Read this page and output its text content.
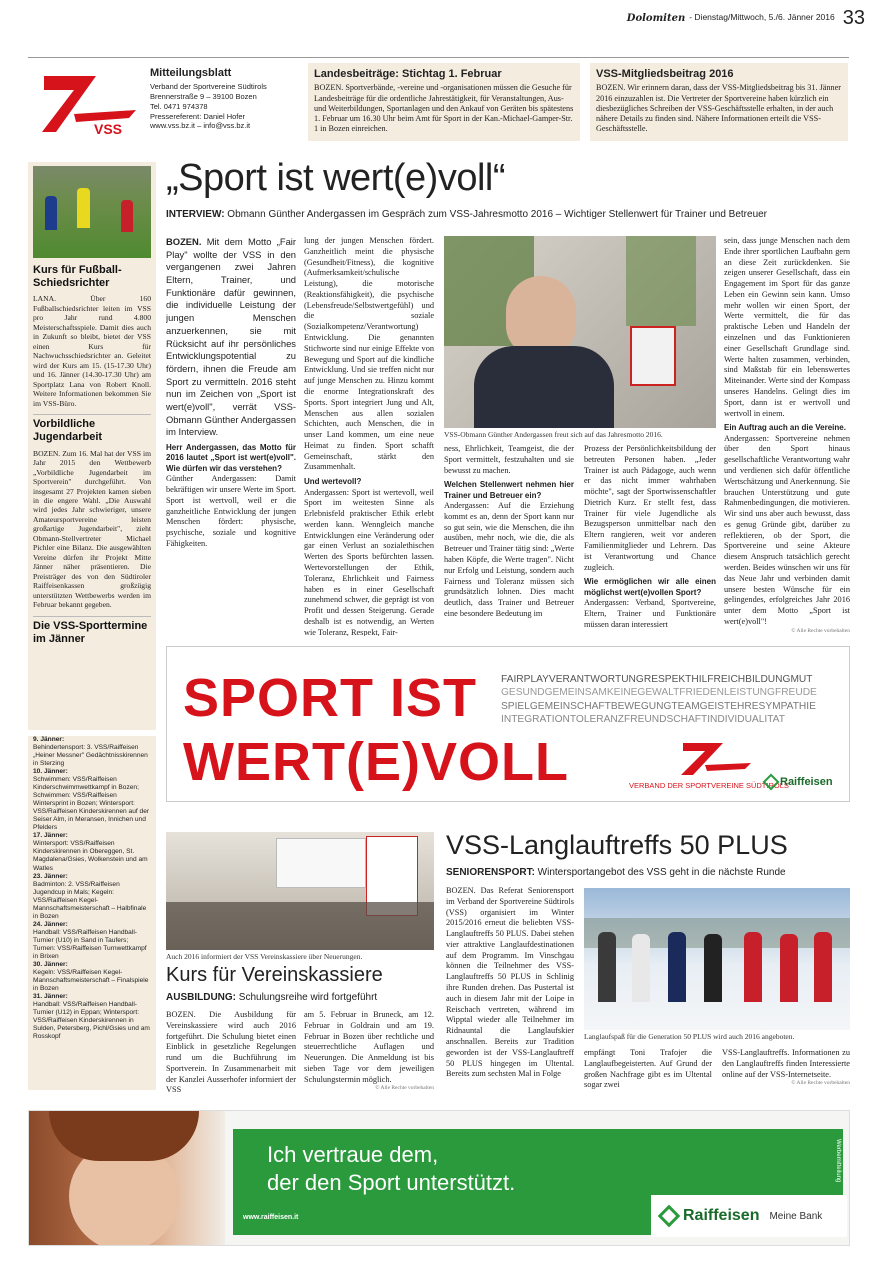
Dolomiten - Dienstag/Mittwoch, 5./6. Jänner 2016 33
VSS
Mitteilungsblatt
Verband der Sportvereine Südtirols
Brennerstraße 9 – 39100 Bozen
Tel. 0471 974378
Pressereferent: Daniel Hofer
www.vss.bz.it – info@vss.bz.it
Landesbeiträge: Stichtag 1. Februar

BOZEN. Sportverbände, -vereine und -organisationen müssen die Gesuche für Landesbeiträge für die ordentliche Jahrestätigkeit, für Veranstaltungen, Aus- und Weiterbildungen, Sportanlagen und den Ankauf von Geräten bis spätestens 1. Februar um 16.30 Uhr beim Amt für Sport in der Kan.-Michael-Gamper-Str. 1 in Bozen einreichen.

VSS-Mitgliedsbeitrag 2016

BOZEN. Wir erinnern daran, dass der VSS-Mitgliedsbeitrag bis 31. Jänner 2016 einzuzahlen ist. Die Vertreter der Sportvereine haben kürzlich ein diesbezügliches Schreiben der VSS-Geschäftsstelle erhalten, in der auch nähere Details zu finden sind. Nähere Informationen erteilt die VSS-Geschäftsstelle.

Kurs für Fußball-Schiedsrichter

LANA. Über 160 Fußballschiedsrichter leiten im VSS pro Jahr rund 4.800 Meisterschaftsspiele. Damit dies auch in Zukunft so bleibt, bietet der VSS einen Kurs für Nachwuchsschiedsrichter an. Geleitet wird der Kurs am 15. (15-17.30 Uhr) und 16. Jänner (14.30-17.30 Uhr) am Sportplatz Lana von Robert Knoll. Weitere Informationen bekommen Sie im VSS-Büro.

Vorbildliche Jugendarbeit

BOZEN. Zum 16. Mal hat der VSS im Jahr 2015 den Wettbewerb „Vorbildliche Jugendarbeit im Sportverein" durchgeführt. Von insgesamt 27 Projekten kamen sieben in die engere Wahl. „Die Auswahl wird jedes Jahr schwieriger, unsere Amateursportvereine leisten großartige Jugendarbeit", zieht Obmann-Stellvertreter Michael Pichler eine Bilanz. Die ausgewählten Vereine dürfen ihr Projekt Mitte Jänner näher präsentieren. Die Preisträger des von den Südtiroler Raiffeisenkassen großzügig unterstützten Wettbewerbs werden im Februar bekannt gegeben.

Die VSS-Sporttermine im Jänner
9. Jänner:
Behindertensport: 3. VSS/Raiffeisen „Heiner Messner" Gedächtnisskirennen in Sterzing
10. Jänner:
Schwimmen: VSS/Raiffeisen Kinderschwimmwettkampf in Bozen; Schwimmen: VSS/Raiffeisen Wintersprint in Bozen; Wintersport: VSS/Raiffeisen Kinderskirennen auf der Seiser Alm, in Meransen, Innichen und Pfelders
17. Jänner:
Wintersport: VSS/Raiffeisen Kinderskirennen in Obereggen, St. Magdalena/Gsies, Wolkenstein und am Watles
23. Jänner:
Badminton: 2. VSS/Raiffeisen Jugendcup in Mals; Kegeln: VSS/Raiffeisen Kegel-Mannschaftsmeisterschaft – Halbfinale in Bozen
24. Jänner:
Handball: VSS/Raiffeisen Handball-Turnier (U10) in Sand in Taufers; Turnen: VSS/Raiffeisen Turnwettkampf in Brixen
30. Jänner:
Kegeln: VSS/Raiffeisen Kegel-Mannschaftsmeisterschaft – Finalspiele in Bozen
31. Jänner:
Handball: VSS/Raiffeisen Handball-Turnier (U12) in Eppan; Wintersport: VSS/Raiffeisen Kinderskirennen in Sulden, Petersberg, Pichl/Gsies und am Rosskopf
„Sport ist wert(e)voll“
INTERVIEW: Obmann Günther Andergassen im Gespräch zum VSS-Jahresmotto 2016 – Wichtiger Stellenwert für Trainer und Betreuer

BOZEN. Mit dem Motto „Fair Play" wollte der VSS in den vergangenen zwei Jahren Eltern, Trainer, und Funktionäre dafür gewinnen, die individuelle Leistung der jungen Menschen anzuerkennen, sie mit Rücksicht auf ihr persönliches Entwicklungspotential zu fördern, ihnen die Freude am Sport zu vermitteln. 2016 steht nun im Zeichen von „Sport ist wert(e)voll", verrät VSS-Obmann Günther Andergassen im Interview.

Herr Andergassen, das Motto für 2016 lautet „Sport ist wert(e)voll". Wie dürfen wir das verstehen?

Günther Andergassen: Damit bekräftigen wir unsere Werte im Sport. Sport ist wertvoll, weil er die ganzheitliche Entwicklung der jungen Menschen fördert: physische, psychische, soziale und kognitive Fähigkeiten.

lung der jungen Menschen fördert. Ganzheitlich meint die physische (Gesundheit/Fitness), die kognitive (Aufmerksamkeit/schulische Leistung), die motorische (Reaktionsfähigkeit), die psychische (Lebensfreude/Selbstwertgefühl) und die soziale (Sozialkompetenz/Verantwortung) Entwicklung. Die genannten Stichworte sind nur einige Effekte von Bewegung und Sport auf die kindliche Entwicklung. Und sie treffen nicht nur auf junge Menschen zu. Hinzu kommt die enorme Integrationskraft des Sports. Sport integriert Jung und Alt, Menschen aus allen sozialen Schichten, auch Menschen, die in unser Land kommen, um eine neue Heimat zu finden. Sport schafft Gemeinschaft, stärkt den Zusammenhalt.

Und wertevoll?

Andergassen: Sport ist wertevoll, weil Sport im weitesten Sinne als Erlebnisfeld praktischer Ethik erlebt werden kann. Wenngleich manche Entwicklungen eine Veränderung oder gar einen Verlust an sozialethischen Werten des Sports befürchten lassen. Wertevorstellungen der Ethik, Toleranz, Ehrlichkeit und Fairness haben es in einer Gesellschaft zunehmend schwer, die geprägt ist von Profit und dessen Steigerung. Gerade deshalb ist es notwendig, an Werten wie Toleranz, Respekt, Fair-

VSS-Obmann Günther Andergassen freut sich auf das Jahresmotto 2016.

ness, Ehrlichkeit, Teamgeist, die der Sport vermittelt, festzuhalten und sie bewusst zu machen.

Welchen Stellenwert nehmen hier Trainer und Betreuer ein?

Andergassen: Auf die Erziehung kommt es an, denn der Sport kann nur so gut sein, wie die Menschen, die ihn ausüben, mehr noch, wie die, die als Betreuer und Trainer tätig sind: „Werte haben Köpfe, die Werte tragen". Nicht nur Erfolg und Leistung, sondern auch Fairness und Toleranz müssen sich grundsätzlich lohnen. Dies macht deutlich, dass Trainer und Betreuer eine besondere Bedeutung im

Prozess der Persönlichkeitsbildung der betreuten Personen haben. „Jeder Trainer ist auch Pädagoge, auch wenn er das nicht immer wahrhaben möchte", sagt der Sportwissenschaftler Dietrich Kurz. Er stellt fest, dass Trainer für viele Jugendliche als Bezugsperson unmittelbar nach den Eltern rangieren, weit vor anderen Familienmitglieder und Lehrern. Das ist Verantwortung und Chance zugleich.

Wie ermöglichen wir alle einen möglichst wert(e)vollen Sport?

Andergassen: Verband, Sportvereine, Eltern, Trainer und Funktionäre müssen daran interessiert

sein, dass junge Menschen nach dem Ende ihrer sportlichen Laufbahn gern an diese Zeit zurückdenken. Sie zeigen unserer Gesellschaft, dass ein Engagement im Sport für das ganze Leben ein Gewinn sein kann. Umso mehr wollen wir einen Sport, der Werte vermittelt, die für das praktische Leben und Handeln der einzelnen und das Funktionieren einer Gesellschaft Grundlage sind. Werte halten zusammen, verbinden, sind Maßstab für ein lebenswertes Miteinander. Werte sind der Kompass unseres Handelns. Gelingt dies im Sport, dann ist er wertvoll und wertvoll in einem.

Ein Auftrag auch an die Vereine.

Andergassen: Sportvereine nehmen über den Sport hinaus gesellschaftliche Verantwortung wahr und verdienen sich dafür öffentliche Wertschätzung und Anerkennung. Sie brauchen Unterstützung und gute Rahmenbedingungen, die motivieren. Wir sind uns aber auch bewusst, dass es genug Gründe gibt, darüber zu reflektieren, ob der Sport, die Sportvereine und seine Akteure diesem Anspruch tatsächlich gerecht werden. Beides wünschen wir uns für das Neue Jahr und verbinden damit unsere besten Wünsche für ein gelingendes, erfolgreiches Jahr 2016 unter dem Motto „Sport ist wert(e)voll"!

© Alle Rechte vorbehalten
SPORT IST
WERT(E)VOLL
FAIRPLAYVERANTWORTUNGRESPEKTHILFREICHBILDUNGMUT
GESUNDGEMEINSAMKEINEGEWALTFRIEDENLEISTUNGFREUDE
SPIELGEMEINSCHAFTBEWEGUNGTEAMGEISTEHRESYMPATHIE
INTEGRATIONTOLERANZFREUNDSCHAFTINDIVIDUALITAT
VERBAND DER SPORTVEREINE SÜDTIROLS
Raiffeisen
Auch 2016 informiert der VSS Vereinskassiere über Neuerungen.
Kurs für Vereinskassiere
AUSBILDUNG: Schulungsreihe wird fortgeführt

BOZEN. Die Ausbildung für Vereinskassiere wird auch 2016 fortgeführt. Die Schulung bietet einen Einblick in gesetzliche Regelungen rund um die Buchführung im Sportverein. In Zusammenarbeit mit der Kanzlei Ausserhofer informiert der VSS

am 5. Februar in Bruneck, am 12. Februar in Goldrain und am 19. Februar in Bozen über rechtliche und steuerrechtliche Auflagen und Neuerungen. Die Anmeldung ist bis sieben Tage vor dem jeweiligen Schulungstermin möglich.

© Alle Rechte vorbehalten
VSS-Langlauftreffs 50 PLUS
SENIORENSPORT: Wintersportangebot des VSS geht in die nächste Runde

BOZEN. Das Referat Seniorensport im Verband der Sportvereine Südtirols (VSS) organisiert im Winter 2015/2016 erneut die beliebten VSS-Langlauftreffs 50 PLUS. Dabei stehen vier attraktive Langlaufdestinationen auf dem Programm. Im Vinschgau können die Teilnehmer des VSS-Langlauftreffs 50 PLUS in Schlinig ihre Runden drehen. Das Pustertal ist auch in diesem Jahr mit der Loipe in Reischach vertreten, während im Wipptal wieder alle Teilnehmer im Ridnauntal die Langlaufskier anschnallen. Bereits zur Tradition geworden ist der VSS-Langlauftreff 50 PLUS hingegen im Ultental. Bereits zum sechsten Mal in Folge

Langlaufspaß für die Generation 50 PLUS wird auch 2016 angeboten.

empfängt Toni Trafojer die Langlaufbegeisterten. Auf Grund der großen Nachfrage gibt es im Ultental sogar zwei

VSS-Langlauftreffs. Informationen zu den Langlauftreffs finden Interessierte online auf der VSS-Internetseite.

© Alle Rechte vorbehalten
Ich vertraue dem,
der den Sport unterstützt.
www.raiffeisen.it
Werbemitteilung
Raiffeisen Meine Bank
